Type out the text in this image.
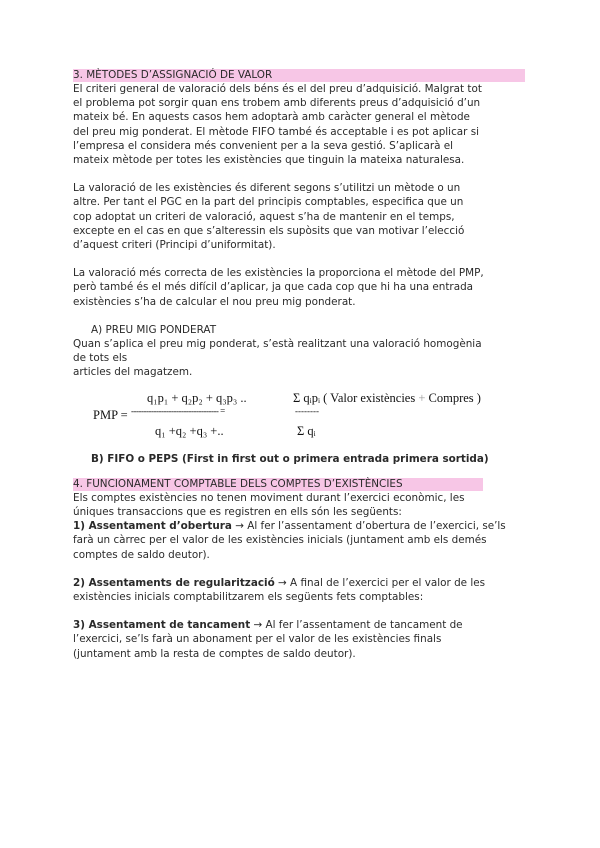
3. MÈTODES D’ASSIGNACIÓ DE VALOR

El criteri general de valoració dels béns és el del preu d’adquisició. Malgrat tot

el problema pot sorgir quan ens trobem amb diferents preus d’adquisició d’un

mateix bé. En aquests casos hem adoptarà amb caràcter general el mètode

del preu mig ponderat. El mètode FIFO també és acceptable i es pot aplicar si

l’empresa el considera més convenient per a la seva gestió. S’aplicarà el

mateix mètode per totes les existències que tinguin la mateixa naturalesa.

La valoració de les existències és diferent segons s’utilitzi un mètode o un

altre. Per tant el PGC en la part del principis comptables, especifica que un

cop adoptat un criteri de valoració, aquest s’ha de mantenir en el temps,

excepte en el cas en que s’alteressin els supòsits que van motivar l’elecció

d’aquest criteri (Principi d’uniformitat).

La valoració més correcta de les existències la proporciona el mètode del PMP,

però també és el més difícil d’aplicar, ja que cada cop que hi ha una entrada

existències s’ha de calcular el nou preu mig ponderat.

A) PREU MIG PONDERAT

Quan s’aplica el preu mig ponderat, s’està realitzant una valoració homogènia

de tots els

articles del magatzem.

PMP =
q₁p₁ + q₂p₂ + q₃p₃ ..
----------------------------------- =
q₁ +q₂ +q₃ +..
Σ qᵢpᵢ ( Valor existències + Compres )
--------
Σ qᵢ

B) FIFO o PEPS (First in first out o primera entrada primera sortida)

4. FUNCIONAMENT COMPTABLE DELS COMPTES D’EXISTÈNCIES

Els comptes existències no tenen moviment durant l’exercici econòmic, les

úniques transaccions que es registren en ells són les següents:

1) Assentament d’obertura → Al fer l’assentament d’obertura de l’exercici, se’ls

farà un càrrec per el valor de les existències inicials (juntament amb els demés

comptes de saldo deutor).

2) Assentaments de regularització → A final de l’exercici per el valor de les

existències inicials comptabilitzarem els següents fets comptables:

3) Assentament de tancament → Al fer l’assentament de tancament de

l’exercici, se’ls farà un abonament per el valor de les existències finals

(juntament amb la resta de comptes de saldo deutor).
